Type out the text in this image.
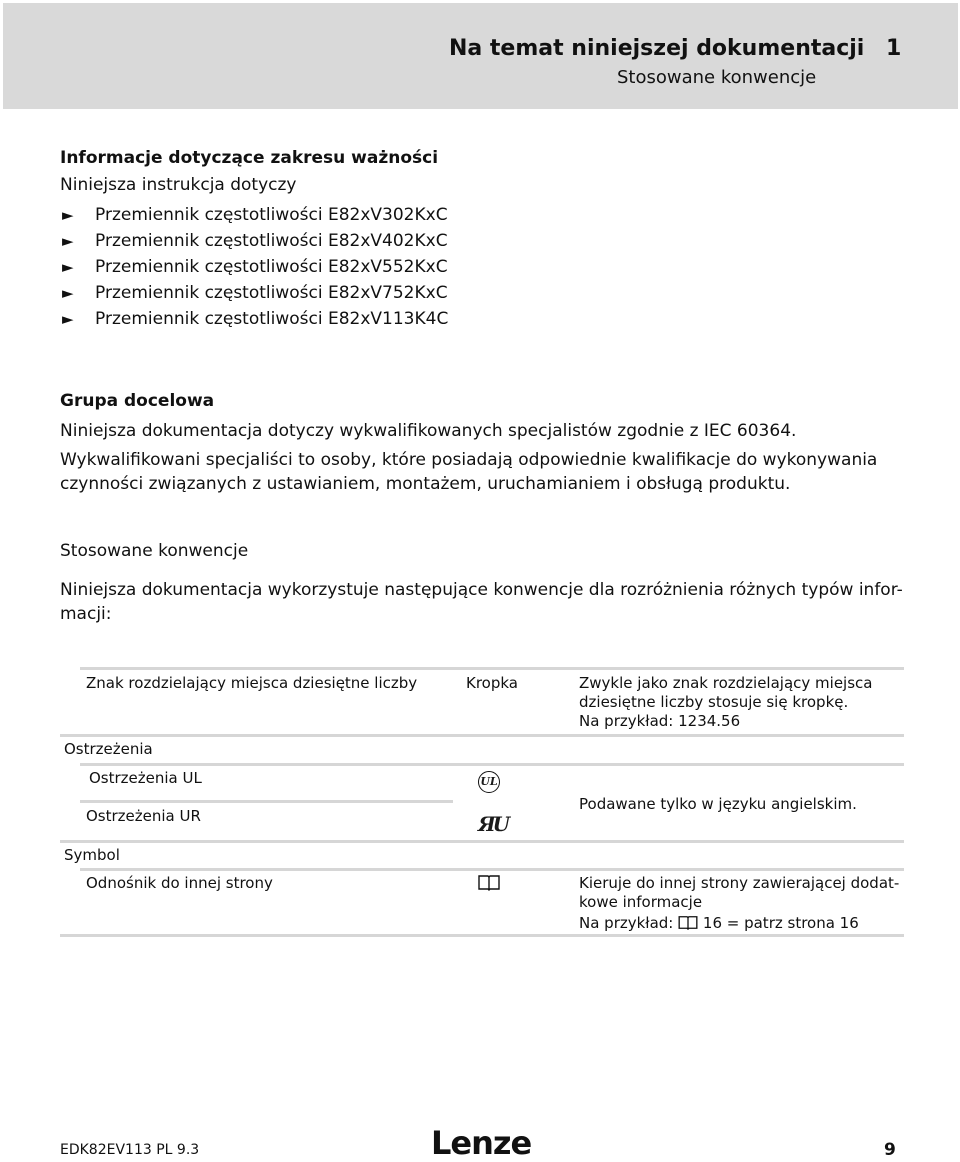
Na temat niniejszej dokumentacji 1
Stosowane konwencje
Informacje dotyczące zakresu ważności
Niniejsza instrukcja dotyczy
► Przemiennik częstotliwości E82xV302KxC
► Przemiennik częstotliwości E82xV402KxC
► Przemiennik częstotliwości E82xV552KxC
► Przemiennik częstotliwości E82xV752KxC
► Przemiennik częstotliwości E82xV113K4C
Grupa docelowa
Niniejsza dokumentacja dotyczy wykwalifikowanych specjalistów zgodnie z IEC 60364.
Wykwalifikowani specjaliści to osoby, które posiadają odpowiednie kwalifikacje do wykonywania czynności związanych z ustawianiem, montażem, uruchamianiem i obsługą produktu.
Stosowane konwencje
Niniejsza dokumentacja wykorzystuje następujące konwencje dla rozróżnienia różnych typów infor-
macji:
Znak rozdzielający miejsca dziesiętne liczby	Kropka	Zwykle jako znak rozdzielający miejsca
dziesiętne liczby stosuje się kropkę.
Na przykład: 1234.56
Ostrzeżenia
Ostrzeżenia UL	UL
Ostrzeżenia UR	ЯU
Podawane tylko w języku angielskim.
Symbol
Odnośnik do innej strony	Kieruje do innej strony zawierającej dodat-
kowe informacje
Na przykład: 16 = patrz strona 16
EDK82EV113 PL 9.3	Lenze	9
